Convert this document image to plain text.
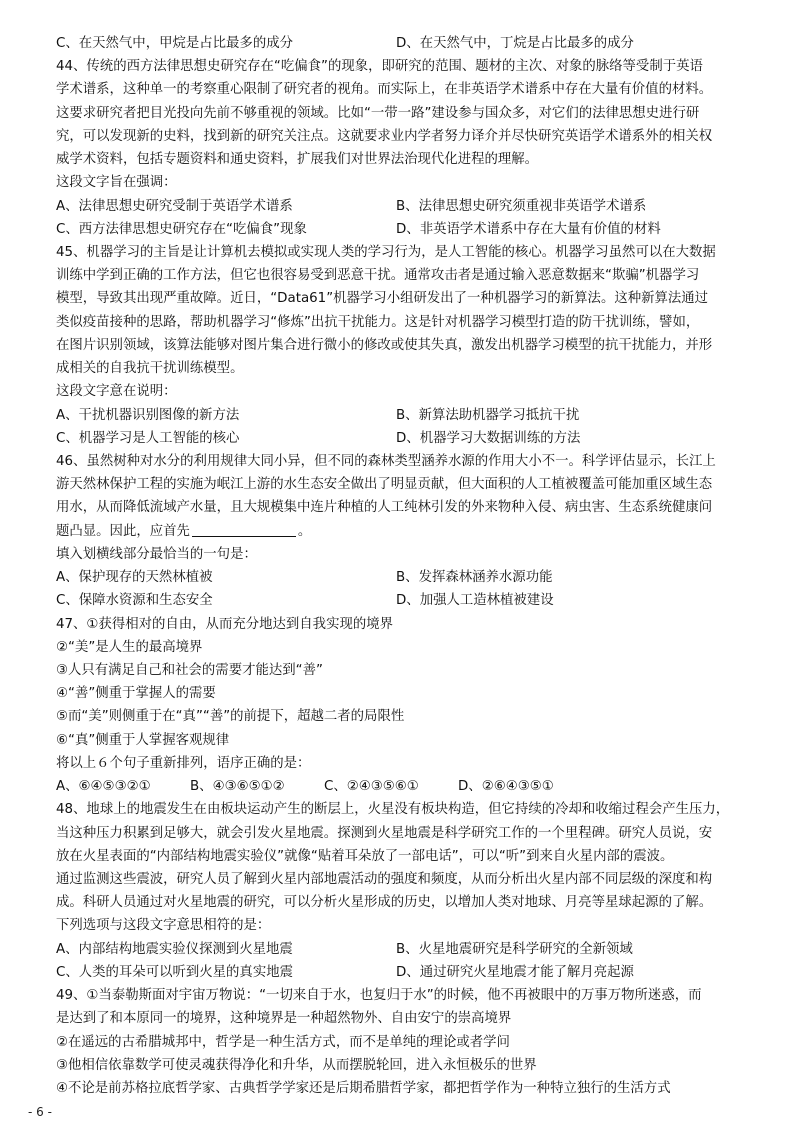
C、在天然气中，甲烷是占比最多的成分	D、在天然气中，丁烷是占比最多的成分
44、传统的西方法律思想史研究存在“吃偏食”的现象，即研究的范围、题材的主次、对象的脉络等受制于英语
学术谱系，这种单一的考察重心限制了研究者的视角。而实际上，在非英语学术谱系中存在大量有价值的材料。
这要求研究者把目光投向先前不够重视的领域。比如“一带一路”建设参与国众多，对它们的法律思想史进行研
究，可以发现新的史料，找到新的研究关注点。这就要求业内学者努力译介并尽快研究英语学术谱系外的相关权
威学术资料，包括专题资料和通史资料，扩展我们对世界法治现代化进程的理解。
这段文字旨在强调：
A、法律思想史研究受制于英语学术谱系	B、法律思想史研究须重视非英语学术谱系
C、西方法律思想史研究存在“吃偏食”现象	D、非英语学术谱系中存在大量有价值的材料
45、机器学习的主旨是让计算机去模拟或实现人类的学习行为，是人工智能的核心。机器学习虽然可以在大数据
训练中学到正确的工作方法，但它也很容易受到恶意干扰。通常攻击者是通过输入恶意数据来“欺骗”机器学习
模型，导致其出现严重故障。近日，“Data61”机器学习小组研发出了一种机器学习的新算法。这种新算法通过
类似疫苗接种的思路，帮助机器学习“修炼”出抗干扰能力。这是针对机器学习模型打造的防干扰训练，譬如，
在图片识别领域，该算法能够对图片集合进行微小的修改或使其失真，激发出机器学习模型的抗干扰能力，并形
成相关的自我抗干扰训练模型。
这段文字意在说明：
A、干扰机器识别图像的新方法	B、新算法助机器学习抵抗干扰
C、机器学习是人工智能的核心	D、机器学习大数据训练的方法
46、虽然树种对水分的利用规律大同小异，但不同的森林类型涵养水源的作用大小不一。科学评估显示，长江上
游天然林保护工程的实施为岷江上游的水生态安全做出了明显贡献，但大面积的人工植被覆盖可能加重区域生态
用水，从而降低流域产水量，且大规模集中连片种植的人工纯林引发的外来物种入侵、病虫害、生态系统健康问
题凸显。因此，应首先	。
填入划横线部分最恰当的一句是：
A、保护现存的天然林植被	B、发挥森林涵养水源功能
C、保障水资源和生态安全	D、加强人工造林植被建设
47、①获得相对的自由，从而充分地达到自我实现的境界
②“美”是人生的最高境界
③人只有满足自己和社会的需要才能达到“善”
④“善”侧重于掌握人的需要
⑤而“美”则侧重于在“真”“善”的前提下，超越二者的局限性
⑥“真”侧重于人掌握客观规律
将以上６个句子重新排列，语序正确的是：
A、⑥④⑤③②①	B、④③⑥⑤①②	C、②④③⑤⑥①	D、②⑥④③⑤①
48、地球上的地震发生在由板块运动产生的断层上，火星没有板块构造，但它持续的冷却和收缩过程会产生压力，
当这种压力积累到足够大，就会引发火星地震。探测到火星地震是科学研究工作的一个里程碑。研究人员说，安
放在火星表面的“内部结构地震实验仪”就像“贴着耳朵放了一部电话”，可以“听”到来自火星内部的震波。
通过监测这些震波，研究人员了解到火星内部地震活动的强度和频度，从而分析出火星内部不同层级的深度和构
成。科研人员通过对火星地震的研究，可以分析火星形成的历史，以增加人类对地球、月亮等星球起源的了解。
下列选项与这段文字意思相符的是：
A、内部结构地震实验仪探测到火星地震	B、火星地震研究是科学研究的全新领域
C、人类的耳朵可以听到火星的真实地震	D、通过研究火星地震才能了解月亮起源
49、①当泰勒斯面对宇宙万物说：“一切来自于水，也复归于水”的时候，他不再被眼中的万事万物所迷惑，而
是达到了和本原同一的境界，这种境界是一种超然物外、自由安宁的崇高境界
②在遥远的古希腊城邦中，哲学是一种生活方式，而不是单纯的理论或者学问
③他相信依靠数学可使灵魂获得净化和升华，从而摆脱轮回，进入永恒极乐的世界
④不论是前苏格拉底哲学家、古典哲学学家还是后期希腊哲学家，都把哲学作为一种特立独行的生活方式
- 6 -
